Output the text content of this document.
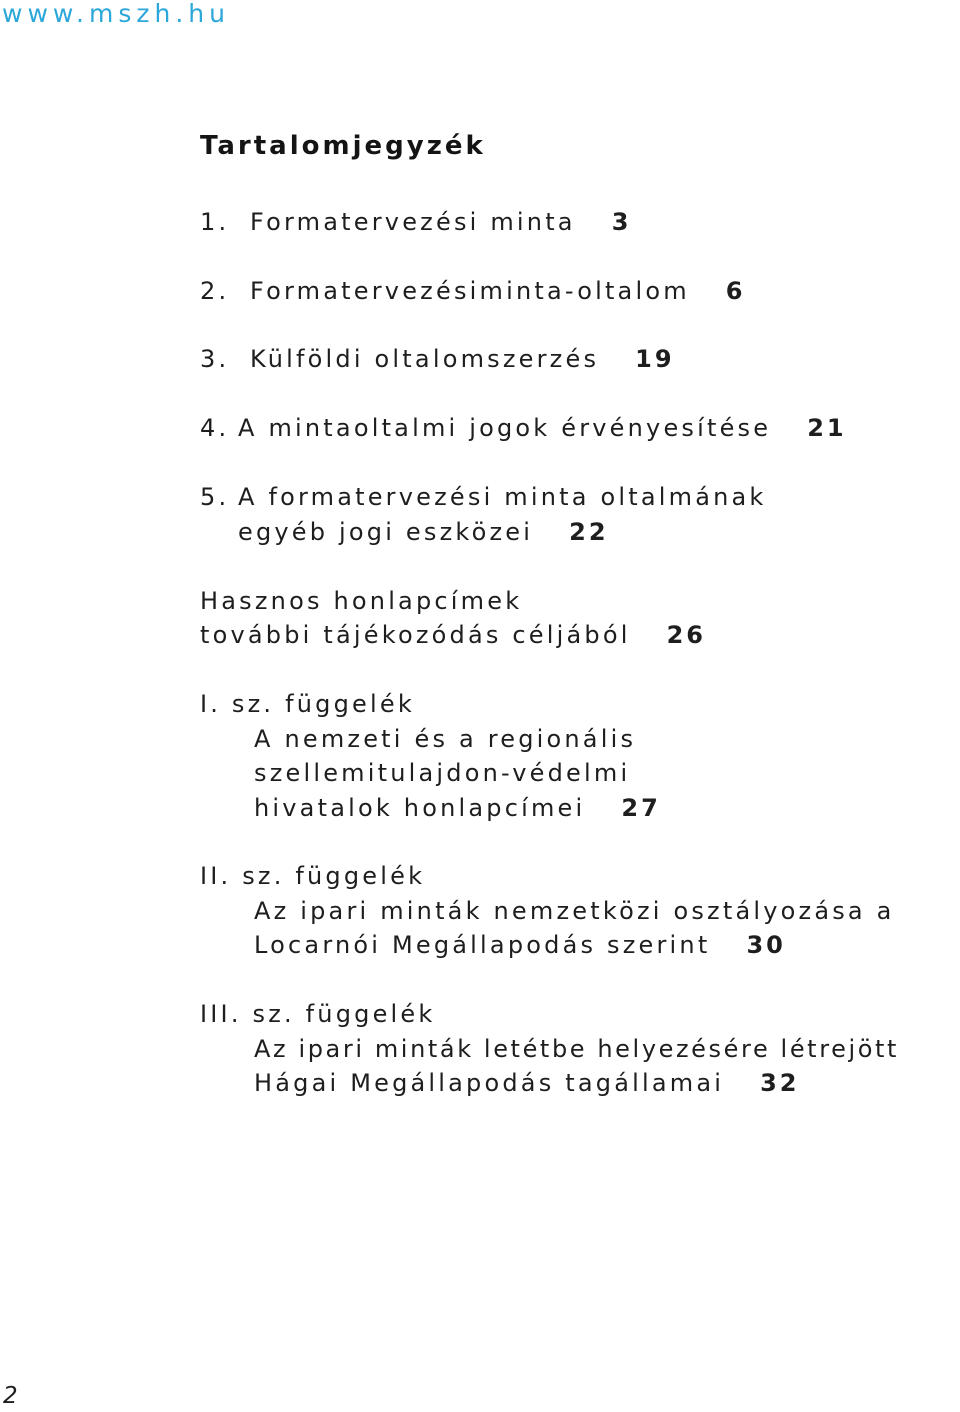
www.mszh.hu
Tartalomjegyzék
1. Formatervezési minta 3
2. Formatervezésiminta-oltalom 6
3. Külföldi oltalomszerzés 19
4. A mintaoltalmi jogok érvényesítése 21
5. A formatervezési minta oltalmának
egyéb jogi eszközei 22
Hasznos honlapcímek
további tájékozódás céljából 26
I. sz. függelék
A nemzeti és a regionális
szellemitulajdon-védelmi
hivatalok honlapcímei 27
II. sz. függelék
Az ipari minták nemzetközi osztályozása a
Locarnói Megállapodás szerint 30
III. sz. függelék
Az ipari minták letétbe helyezésére létrejött
Hágai Megállapodás tagállamai 32
2
